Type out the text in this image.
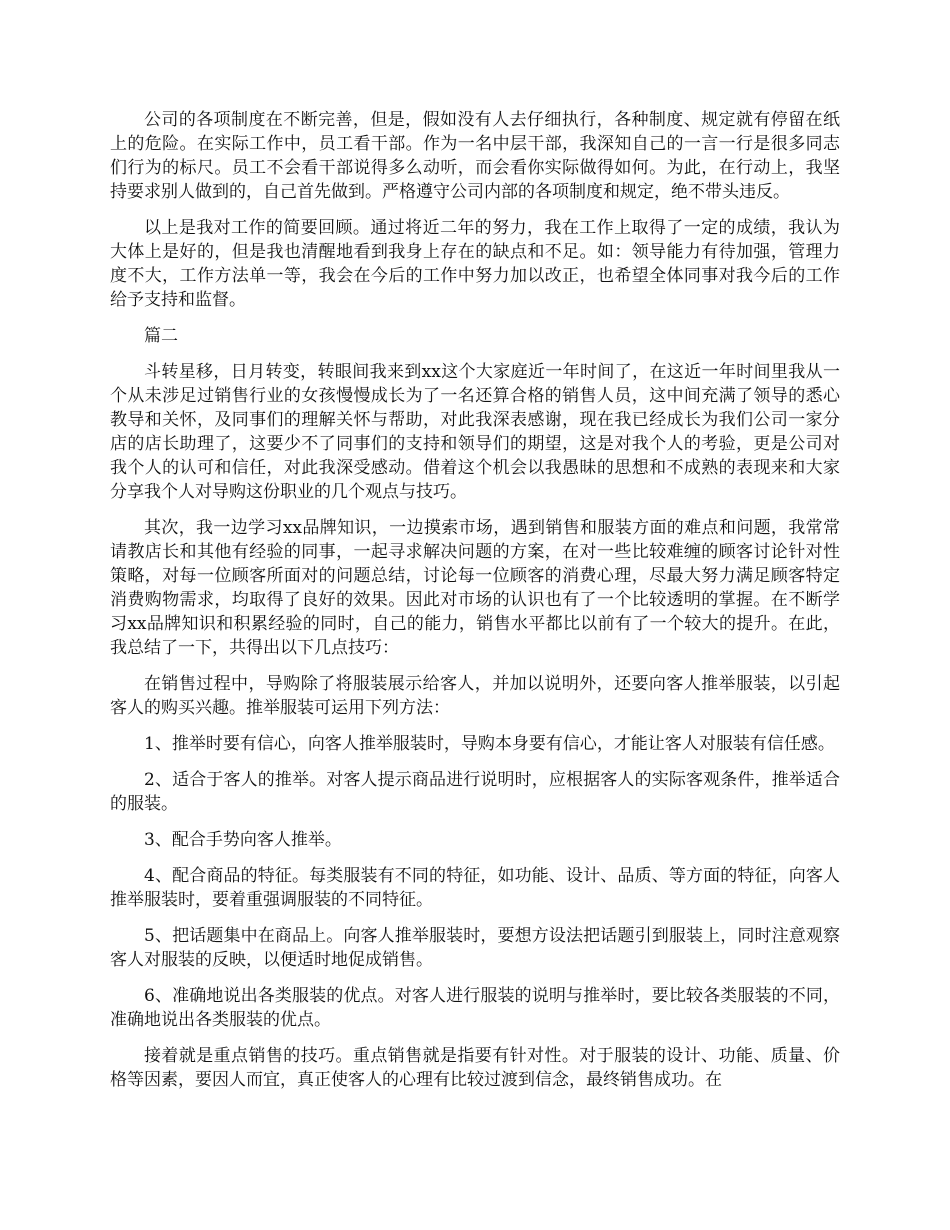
公司的各项制度在不断完善，但是，假如没有人去仔细执行，各种制度、规定就有停留在纸上的危险。在实际工作中，员工看干部。作为一名中层干部，我深知自己的一言一行是很多同志们行为的标尺。员工不会看干部说得多么动听，而会看你实际做得如何。为此，在行动上，我坚持要求别人做到的，自己首先做到。严格遵守公司内部的各项制度和规定，绝不带头违反。

以上是我对工作的简要回顾。通过将近二年的努力，我在工作上取得了一定的成绩，我认为大体上是好的，但是我也清醒地看到我身上存在的缺点和不足。如：领导能力有待加强，管理力度不大，工作方法单一等，我会在今后的工作中努力加以改正，也希望全体同事对我今后的工作给予支持和监督。

篇二

斗转星移，日月转变，转眼间我来到xx这个大家庭近一年时间了，在这近一年时间里我从一个从未涉足过销售行业的女孩慢慢成长为了一名还算合格的销售人员，这中间充满了领导的悉心教导和关怀，及同事们的理解关怀与帮助，对此我深表感谢，现在我已经成长为我们公司一家分店的店长助理了，这要少不了同事们的支持和领导们的期望，这是对我个人的考验，更是公司对我个人的认可和信任，对此我深受感动。借着这个机会以我愚昧的思想和不成熟的表现来和大家分享我个人对导购这份职业的几个观点与技巧。

其次，我一边学习xx品牌知识，一边摸索市场，遇到销售和服装方面的难点和问题，我常常请教店长和其他有经验的同事，一起寻求解决问题的方案，在对一些比较难缠的顾客讨论针对性策略，对每一位顾客所面对的问题总结，讨论每一位顾客的消费心理，尽最大努力满足顾客特定消费购物需求，均取得了良好的效果。因此对市场的认识也有了一个比较透明的掌握。在不断学习xx品牌知识和积累经验的同时，自己的能力，销售水平都比以前有了一个较大的提升。在此，我总结了一下，共得出以下几点技巧：

在销售过程中，导购除了将服装展示给客人，并加以说明外，还要向客人推举服装，以引起客人的购买兴趣。推举服装可运用下列方法：

1、推举时要有信心，向客人推举服装时，导购本身要有信心，才能让客人对服装有信任感。

2、适合于客人的推举。对客人提示商品进行说明时，应根据客人的实际客观条件，推举适合的服装。

3、配合手势向客人推举。

4、配合商品的特征。每类服装有不同的特征，如功能、设计、品质、等方面的特征，向客人推举服装时，要着重强调服装的不同特征。

5、把话题集中在商品上。向客人推举服装时，要想方设法把话题引到服装上，同时注意观察客人对服装的反映，以便适时地促成销售。

6、准确地说出各类服装的优点。对客人进行服装的说明与推举时，要比较各类服装的不同，准确地说出各类服装的优点。

接着就是重点销售的技巧。重点销售就是指要有针对性。对于服装的设计、功能、质量、价格等因素，要因人而宜，真正使客人的心理有比较过渡到信念，最终销售成功。在
